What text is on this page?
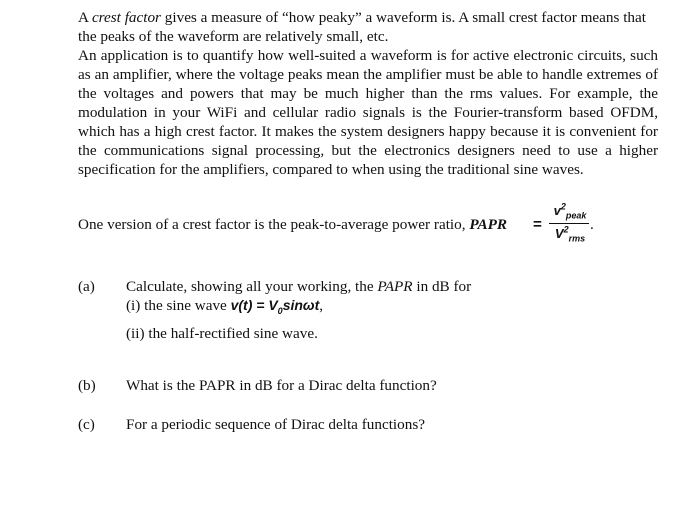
A crest factor gives a measure of “how peaky” a waveform is. A small crest factor means that the peaks of the waveform are relatively small, etc.

An application is to quantify how well-suited a waveform is for active electronic circuits, such as an amplifier, where the voltage peaks mean the amplifier must be able to handle extremes of the voltages and powers that may be much higher than the rms values. For example, the modulation in your WiFi and cellular radio signals is the Fourier-transform based OFDM, which has a high crest factor. It makes the system designers happy because it is convenient for the communications signal processing, but the electronics designers need to use a higher specification for the amplifiers, compared to when using the traditional sine waves.

One version of a crest factor is the peak-to-average power ratio, PAPR =
$v^2_{peak}$
$V^2_{rms}$
.
(a) Calculate, showing all your working, the PAPR in dB for
(i) the sine wave $v(t) = V_0\sin\omega t$,
(ii) the half-rectified sine wave.
(b) What is the PAPR in dB for a Dirac delta function?
(c) For a periodic sequence of Dirac delta functions?
